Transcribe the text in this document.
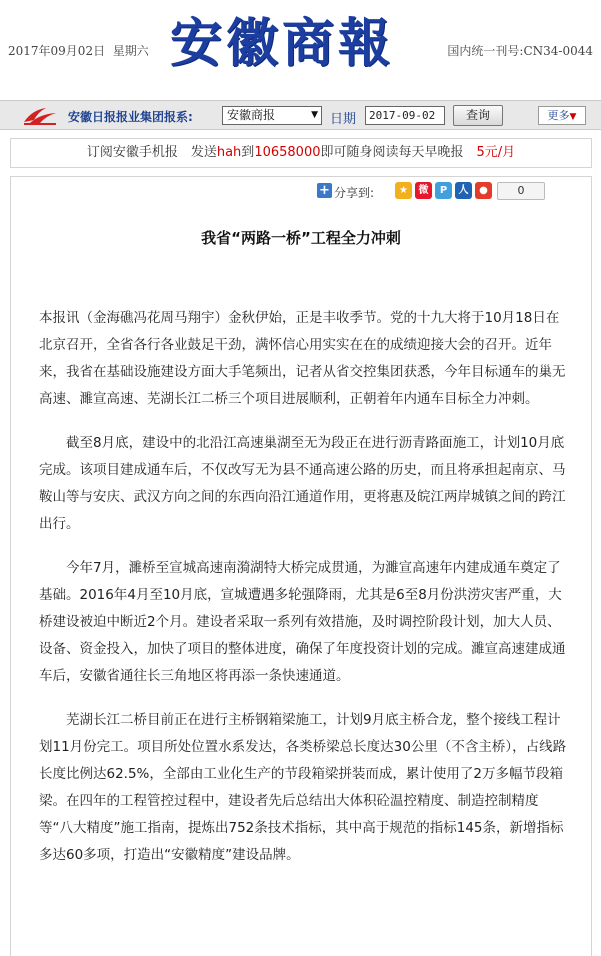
2017年09月02日 星期六 安徽商報	国内统一刊号:CN34-0044
安徽日报报业集团报系:	安徽商报	▼ 日期	2017-09-02	查询	更多▼
订阅安徽手机报　发送hah到10658000即可随身阅读每天早晚报　5元/月
+ 分享到:	★	微	P	人	●	0
我省“两路一桥”工程全力冲刺

本报讯（金海礁冯花周马翔宇）金秋伊始，正是丰收季节。党的十九大将于10月18日在北京召开，全省各行各业鼓足干劲，满怀信心用实实在在的成绩迎接大会的召开。近年来，我省在基础设施建设方面大手笔频出，记者从省交控集团获悉，今年目标通车的巢无高速、濉宣高速、芜湖长江二桥三个项目进展顺利，正朝着年内通车目标全力冲刺。

截至8月底，建设中的北沿江高速巢湖至无为段正在进行沥青路面施工，计划10月底完成。该项目建成通车后，不仅改写无为县不通高速公路的历史，而且将承担起南京、马鞍山等与安庆、武汉方向之间的东西向沿江通道作用，更将惠及皖江两岸城镇之间的跨江出行。

今年7月，濉桥至宣城高速南漪湖特大桥完成贯通，为濉宣高速年内建成通车奠定了基础。2016年4月至10月底，宣城遭遇多轮强降雨，尤其是6至8月份洪涝灾害严重，大桥建设被迫中断近2个月。建设者采取一系列有效措施，及时调控阶段计划，加大人员、设备、资金投入，加快了项目的整体进度，确保了年度投资计划的完成。濉宣高速建成通车后，安徽省通往长三角地区将再添一条快速通道。

芜湖长江二桥目前正在进行主桥钢箱梁施工，计划9月底主桥合龙，整个接线工程计划11月份完工。项目所处位置水系发达，各类桥梁总长度达30公里（不含主桥），占线路长度比例达62.5%，全部由工业化生产的节段箱梁拼装而成，累计使用了2万多幅节段箱梁。在四年的工程管控过程中，建设者先后总结出大体积砼温控精度、制造控制精度等“八大精度”施工指南，提炼出752条技术指标，其中高于规范的指标145条，新增指标多达60多项，打造出“安徽精度”建设品牌。
